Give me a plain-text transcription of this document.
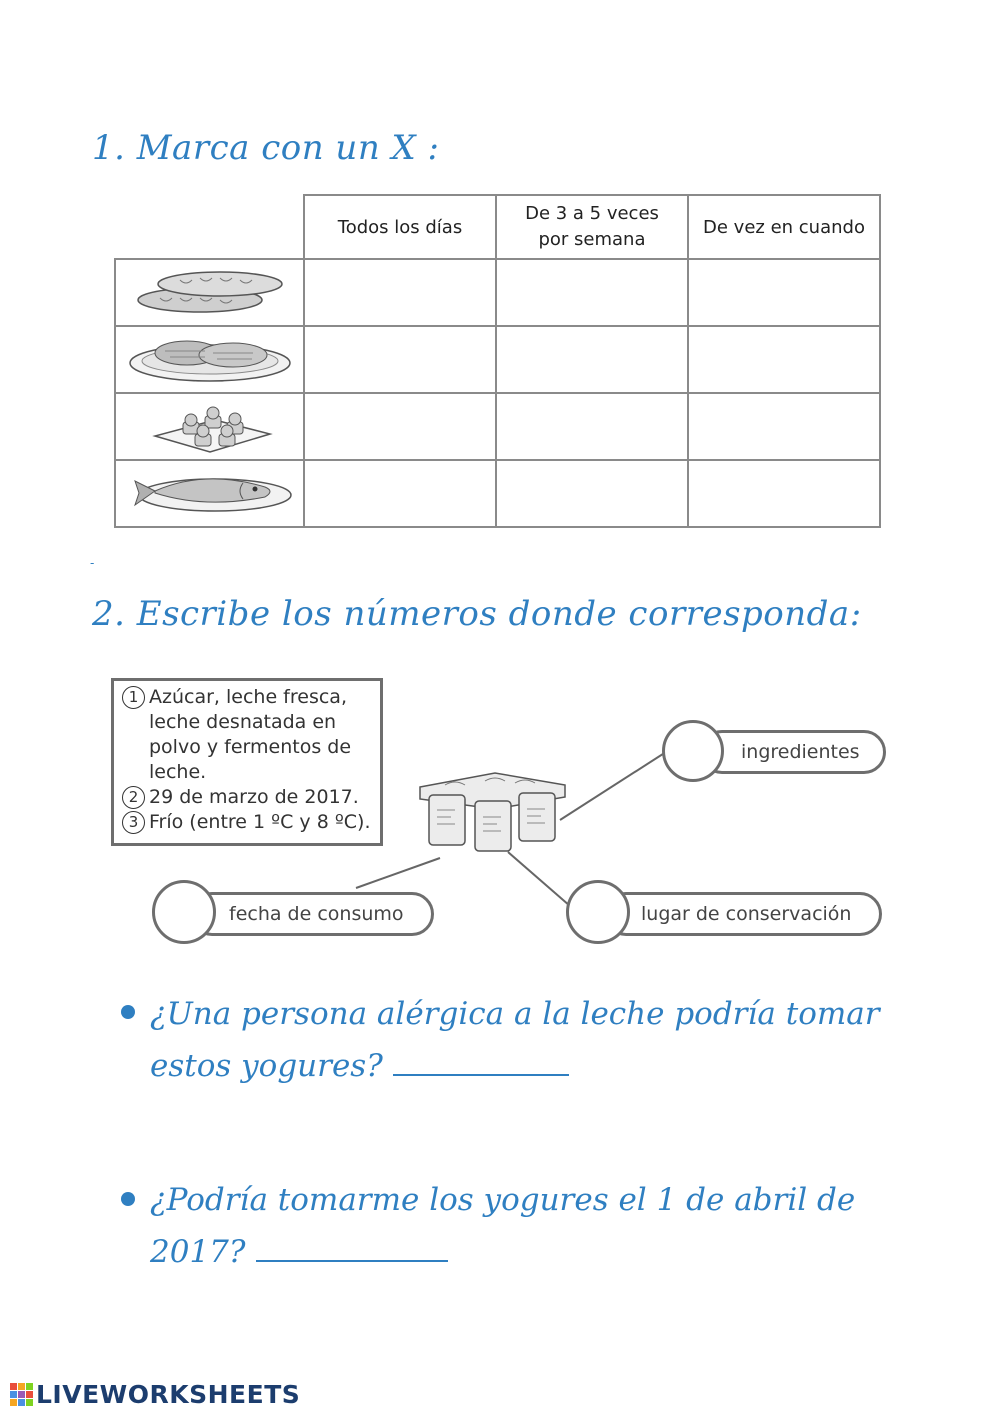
1. Marca con un X :
	Todos los días	De 3 a 5 veces por semana	De vez en cuando

-
2. Escribe los números donde corresponda:
1 Azúcar, leche fresca, leche desnatada en polvo y fermentos de leche.
2 29 de marzo de 2017.
3 Frío (entre 1 ºC y 8 ºC).
ingredientes
fecha de consumo	lugar de conservación
¿Una persona alérgica a la leche podría tomar
estos yogures?
¿Podría tomarme los yogures el 1 de abril de
2017?
LIVEWORKSHEETS
